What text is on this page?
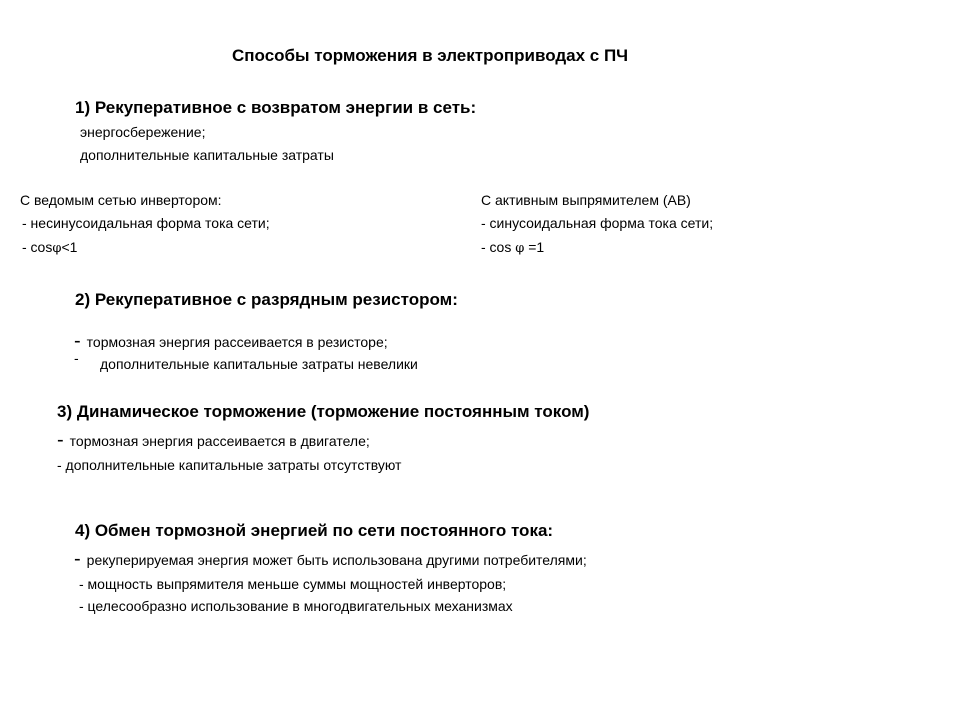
Способы торможения в электроприводах с ПЧ
1) Рекуперативное с возвратом энергии в сеть:
энергосбережение;
дополнительные капитальные затраты
С ведомым сетью инвертором:
- несинусоидальная форма тока сети;
- cosφ<1
С активным выпрямителем (АВ)
- синусоидальная форма тока сети;
- cos φ =1
2) Рекуперативное с разрядным резистором:
- тормозная энергия рассеивается в резисторе;
- дополнительные капитальные затраты невелики
3) Динамическое торможение (торможение постоянным током)
- тормозная энергия рассеивается в двигателе;
- дополнительные капитальные затраты отсутствуют
4) Обмен тормозной энергией по сети постоянного тока:
- рекуперируемая энергия может быть использована другими потребителями;
- мощность выпрямителя меньше суммы мощностей инверторов;
- целесообразно использование в многодвигательных механизмах
